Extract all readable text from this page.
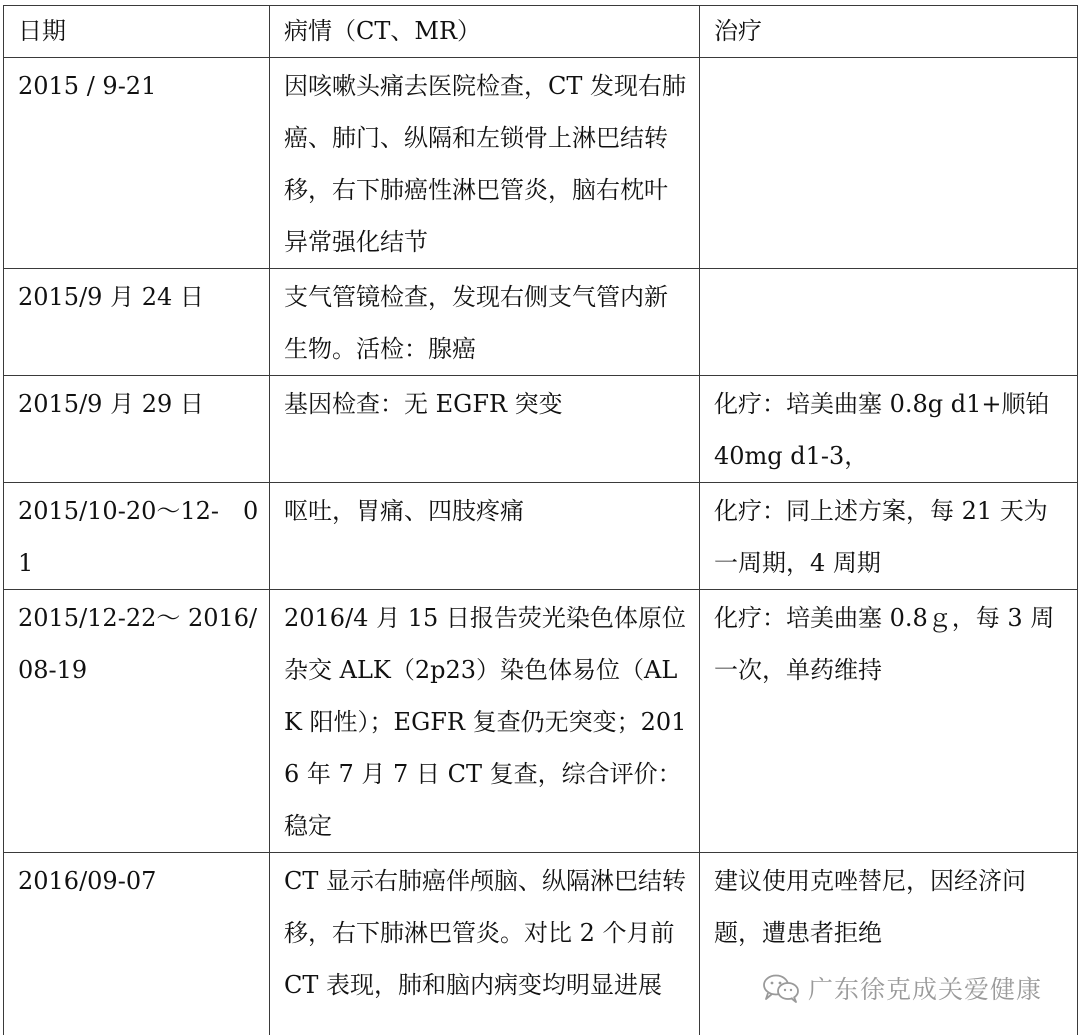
日期	病情（CT、MR）	治疗
2015 / 9-21	因咳嗽头痛去医院检查，CT 发现右肺癌、肺门、纵隔和左锁骨上淋巴结转移，右下肺癌性淋巴管炎，脑右枕叶异常强化结节	
2015/9 月 24 日	支气管镜检查，发现右侧支气管内新生物。活检：腺癌	
2015/9 月 29 日	基因检查：无 EGFR 突变	化疗：培美曲塞 0.8g d1+顺铂 40mg d1-3，
2015/10-20～12-　01	呕吐，胃痛、四肢疼痛	化疗：同上述方案，每 21 天为一周期，4 周期
2015/12-22～ 2016/08-19	2016/4 月 15 日报告荧光染色体原位杂交 ALK（2p23）染色体易位（ALK 阳性）；EGFR 复查仍无突变；2016 年 7 月 7 日 CT 复查，综合评价：稳定	化疗：培美曲塞 0.8ｇ，每 3 周一次，单药维持
2016/09-07	CT 显示右肺癌伴颅脑、纵隔淋巴结转移，右下肺淋巴管炎。对比 2 个月前 CT 表现，肺和脑内病变均明显进展	建议使用克唑替尼，因经济问题，遭患者拒绝
广东徐克成关爱健康
